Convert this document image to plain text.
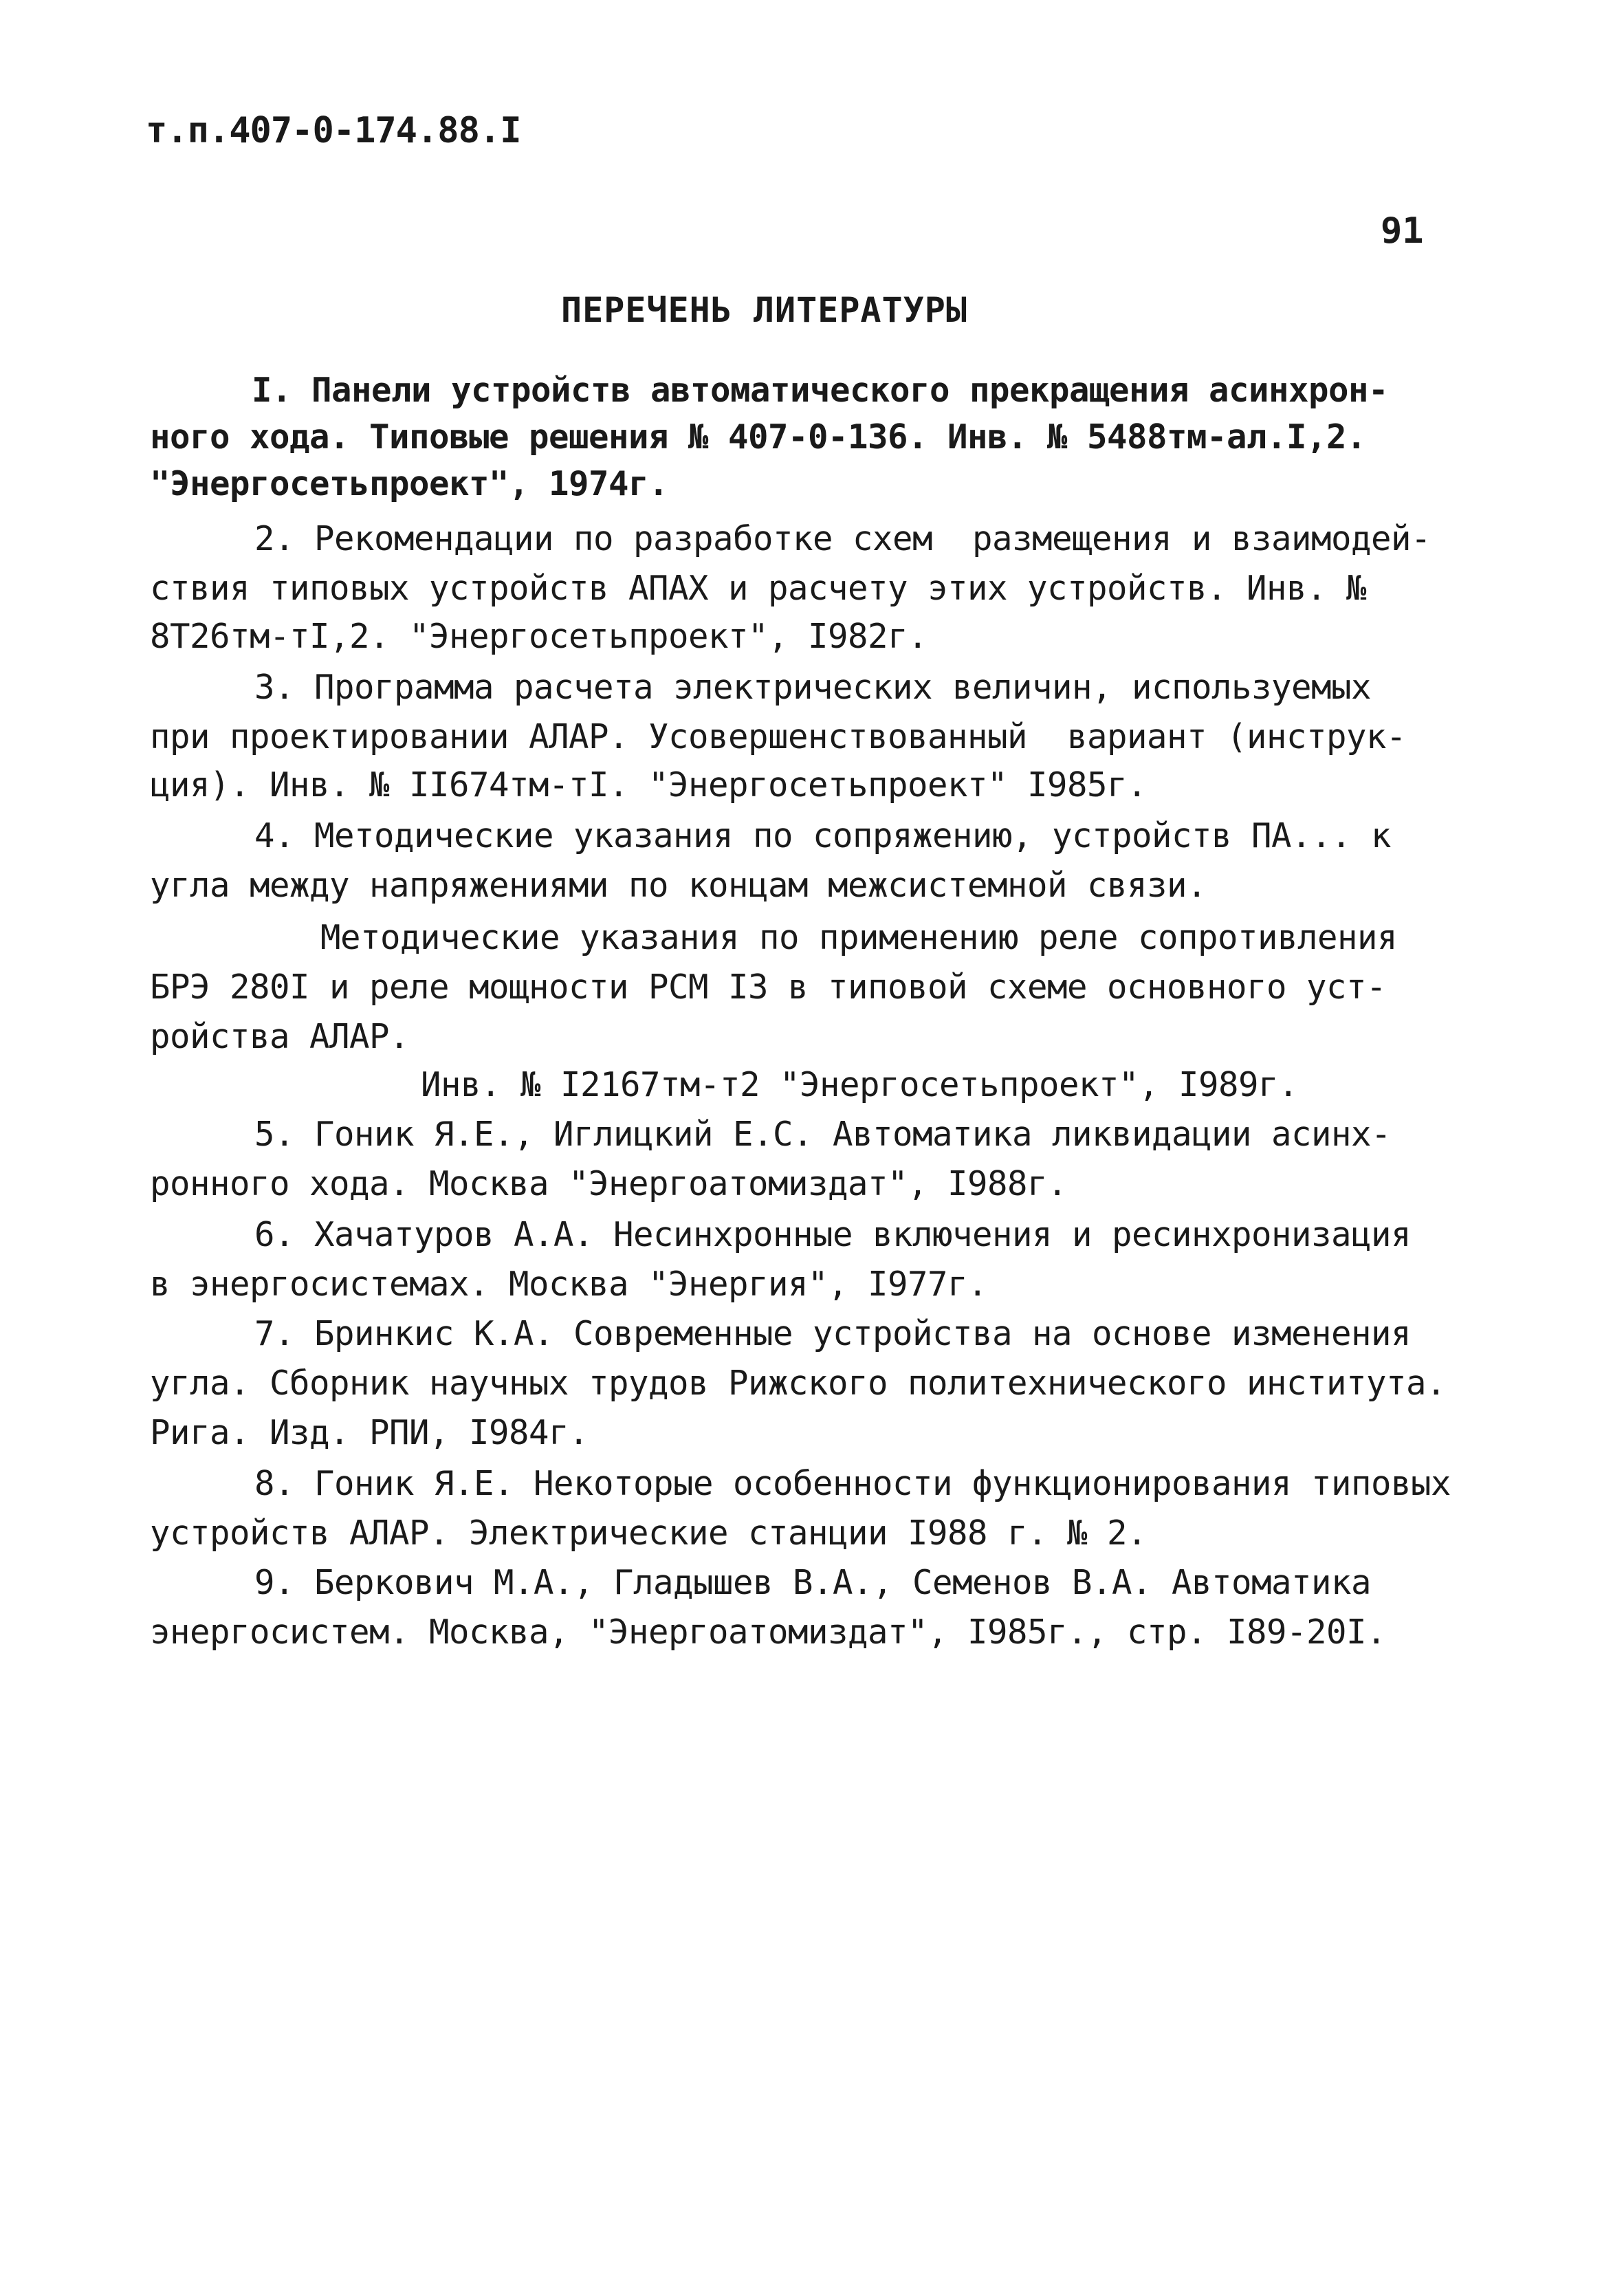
т.п.407-0-174.88.I
91
ПЕРЕЧЕНЬ ЛИТЕРАТУРЫ
I. Панели устройств автоматического прекращения асинхрон-
ного хода. Типовые решения № 407-0-136. Инв. № 5488тм-ал.I,2.
"Энергосетьпроект", 1974г.
2. Рекомендации по разработке схем  размещения и взаимодей-
ствия типовых устройств АПАХ и расчету этих устройств. Инв. №
8Т26тм-тI,2. "Энергосетьпроект", I982г.
3. Программа расчета электрических величин, используемых
при проектировании АЛАР. Усовершенствованный  вариант (инструк-
ция). Инв. № II674тм-тI. "Энергосетьпроект" I985г.
4. Методические указания по сопряжению, устройств ПА... к
угла между напряжениями по концам межсистемной связи.
Методические указания по применению реле сопротивления
БРЭ 280I и реле мощности РСМ I3 в типовой схеме основного уст-
ройства АЛАР.
Инв. № I2167тм-т2 "Энергосетьпроект", I989г.
5. Гоник Я.Е., Иглицкий Е.С. Автоматика ликвидации асинх-
ронного хода. Москва "Энергоатомиздат", I988г.
6. Хачатуров А.А. Несинхронные включения и ресинхронизация
в энергосистемах. Москва "Энергия", I977г.
7. Бринкис К.А. Современные устройства на основе изменения
угла. Сборник научных трудов Рижского политехнического института.
Рига. Изд. РПИ, I984г.
8. Гоник Я.Е. Некоторые особенности функционирования типовых
устройств АЛАР. Электрические станции I988 г. № 2.
9. Беркович М.А., Гладышев В.А., Семенов В.А. Автоматика
энергосистем. Москва, "Энергоатомиздат", I985г., стр. I89-20I.
